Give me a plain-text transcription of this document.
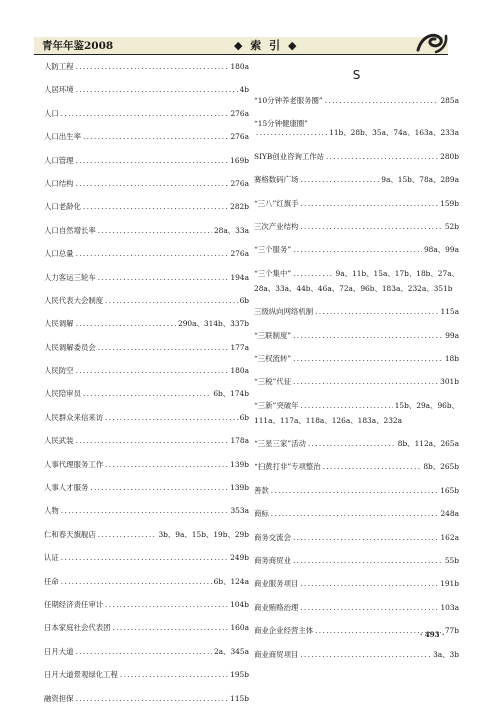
青年年鉴2008	◆ 索 引 ◆
人防工程 .....	180a
人居环境 .....	4b
人口 .....	276a
人口出生率 .....	276a
人口管理 .....	169b
人口结构 .....	276a
人口老龄化 .....	282b
人口自然增长率 .....	28a、33a
人口总量 .....	276a
人力客运三轮车 .....	194a
人民代表大会制度 .....	6b
人民调解 .....	290a、314b、337b
人民调解委员会 .....	177a
人民防空 .....	180a
人民陪审员 .....	6b、174b
人民群众来信来访 .....	6b
人民武装 .....	178a
人事代理服务工作 .....	139b
人事人才服务 .....	139b
人物 .....	353a
仁和春天旗舰店 .....	3b、9a、15b、19b、29b
认证 .....	249b
任命 .....	6b、124a
任期经济责任审计 .....	104b
日本家庭社会代表团 .....	160a
日月大道 .....	2a、345a
日月大道景观绿化工程 .....	195b
融资担保 .....	115b
S
“10分钟养老服务圈” .....	285a
“15分钟健康圈”
.....
11b、28b、35a、74a、163a、233a
SIYB创业咨询工作站 .....	280b
赛格数码广场 .....	9a、15b、78a、289a
“三八”红旗手 .....	159b
三次产业结构 .....	52b
“三个服务” .....	98a、99a
“三个集中” .....	9a、11b、15a、17b、18b、27a、
28a、33a、44b、46a、72a、96b、183a、232a、351b
三级纵向网络机制 .....	115a
“三联制度” .....	99a
“三权流转” .....	18b
“三税”代征 .....	301b
“三新”突破年 .....	15b、29a、96b、
111a、117a、118a、126a、183a、232a
“三星三家”活动 .....	8b、112a、265a
“扫黄打非”专项整治 .....	8b、265b
善款 .....	165b
商标 .....	248a
商务交流会 .....	162a
商务商贸业 .....	55b
商业服务项目 .....	191b
商业贿赂治理 .....	103a
商业企业经营主体 .....	77b
商业商贸项目 .....	3a、3b
· 493 ·
